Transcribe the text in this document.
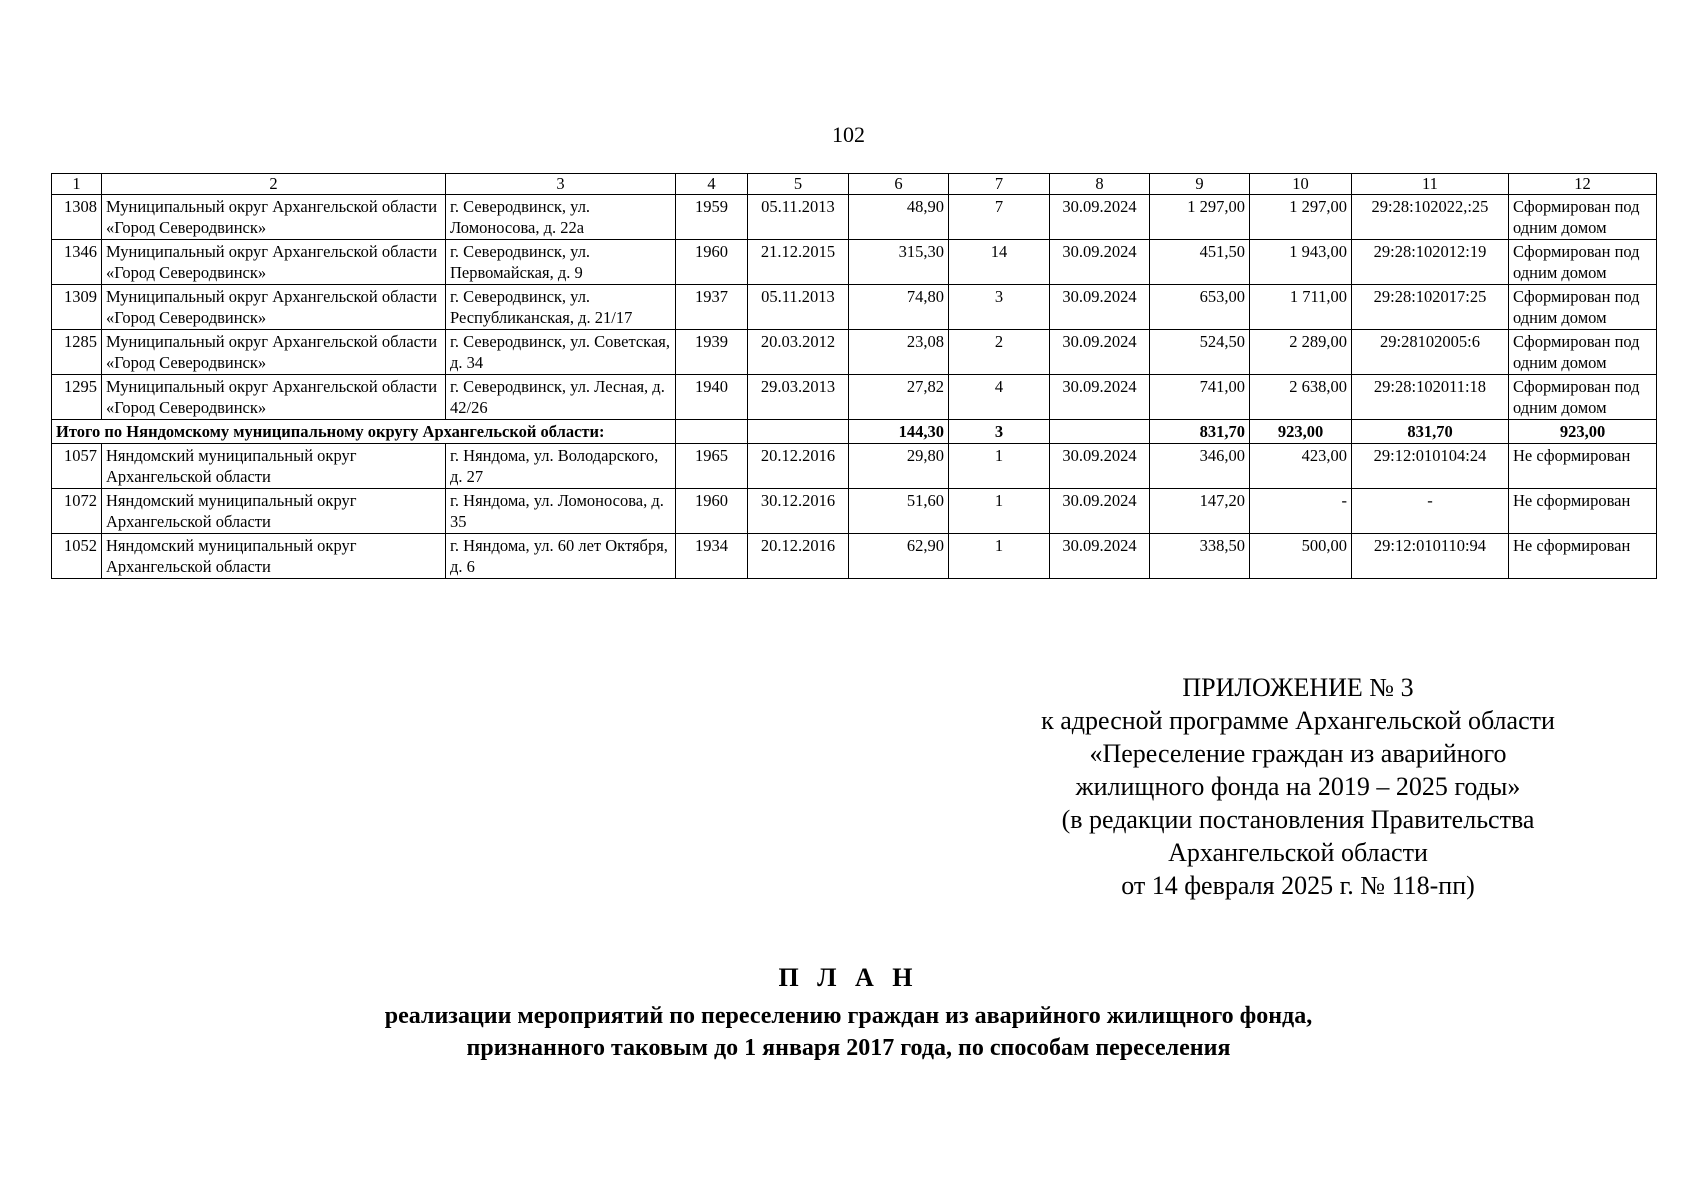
102
1	2	3	4	5	6	7	8	9	10	11	12
1308	Муниципальный округ Архангельской области «Город Северодвинск»	г. Северодвинск, ул. Ломоносова, д. 22а	1959	05.11.2013	48,90	7	30.09.2024	1 297,00	1 297,00	29:28:102022,:25	Сформирован под одним домом
1346	Муниципальный округ Архангельской области «Город Северодвинск»	г. Северодвинск, ул. Первомайская, д. 9	1960	21.12.2015	315,30	14	30.09.2024	451,50	1 943,00	29:28:102012:19	Сформирован под одним домом
1309	Муниципальный округ Архангельской области «Город Северодвинск»	г. Северодвинск, ул. Республиканская, д. 21/17	1937	05.11.2013	74,80	3	30.09.2024	653,00	1 711,00	29:28:102017:25	Сформирован под одним домом
1285	Муниципальный округ Архангельской области «Город Северодвинск»	г. Северодвинск, ул. Советская, д. 34	1939	20.03.2012	23,08	2	30.09.2024	524,50	2 289,00	29:28102005:6	Сформирован под одним домом
1295	Муниципальный округ Архангельской области «Город Северодвинск»	г. Северодвинск, ул. Лесная, д. 42/26	1940	29.03.2013	27,82	4	30.09.2024	741,00	2 638,00	29:28:102011:18	Сформирован под одним домом
Итого по Няндомскому муниципальному округу Архангельской области:					144,30	3		831,70	923,00	831,70	923,00
1057	Няндомский муниципальный округ Архангельской области	г. Няндома, ул. Володарского, д. 27	1965	20.12.2016	29,80	1	30.09.2024	346,00	423,00	29:12:010104:24	Не сформирован
1072	Няндомский муниципальный округ Архангельской области	г. Няндома, ул. Ломоносова, д. 35	1960	30.12.2016	51,60	1	30.09.2024	147,20	-	-	Не сформирован
1052	Няндомский муниципальный округ Архангельской области	г. Няндома, ул. 60 лет Октября, д. 6	1934	20.12.2016	62,90	1	30.09.2024	338,50	500,00	29:12:010110:94	Не сформирован
ПРИЛОЖЕНИЕ № 3
к адресной программе Архангельской области
«Переселение граждан из аварийного
жилищного фонда на 2019 – 2025 годы»
(в редакции постановления Правительства
Архангельской области
от 14 февраля 2025 г. № 118-пп)
П Л А Н
реализации мероприятий по переселению граждан из аварийного жилищного фонда,
признанного таковым до 1 января 2017 года, по способам переселения
